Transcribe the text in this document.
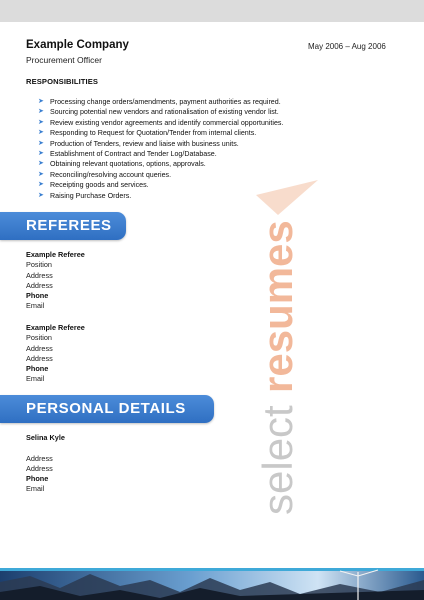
Example Company	May 2006 – Aug 2006
Procurement Officer
RESPONSIBILITIES
➤ Processing change orders/amendments, payment authorities as required.
➤ Sourcing potential new vendors and rationalisation of existing vendor list.
➤ Review existing vendor agreements and identify commercial opportunities.
➤ Responding to Request for Quotation/Tender from internal clients.
➤ Production of Tenders, review and liaise with business units.
➤ Establishment of Contract and Tender Log/Database.
➤ Obtaining relevant quotations, options, approvals.
➤ Reconciling/resolving account queries.
➤ Receipting goods and services.
➤ Raising Purchase Orders.
select
resumes
REFEREES
Example Referee
Position
Address
Address
Phone
Email
Example Referee
Position
Address
Address
Phone
Email
PERSONAL DETAILS
Selina Kyle
Address
Address
Phone
Email
